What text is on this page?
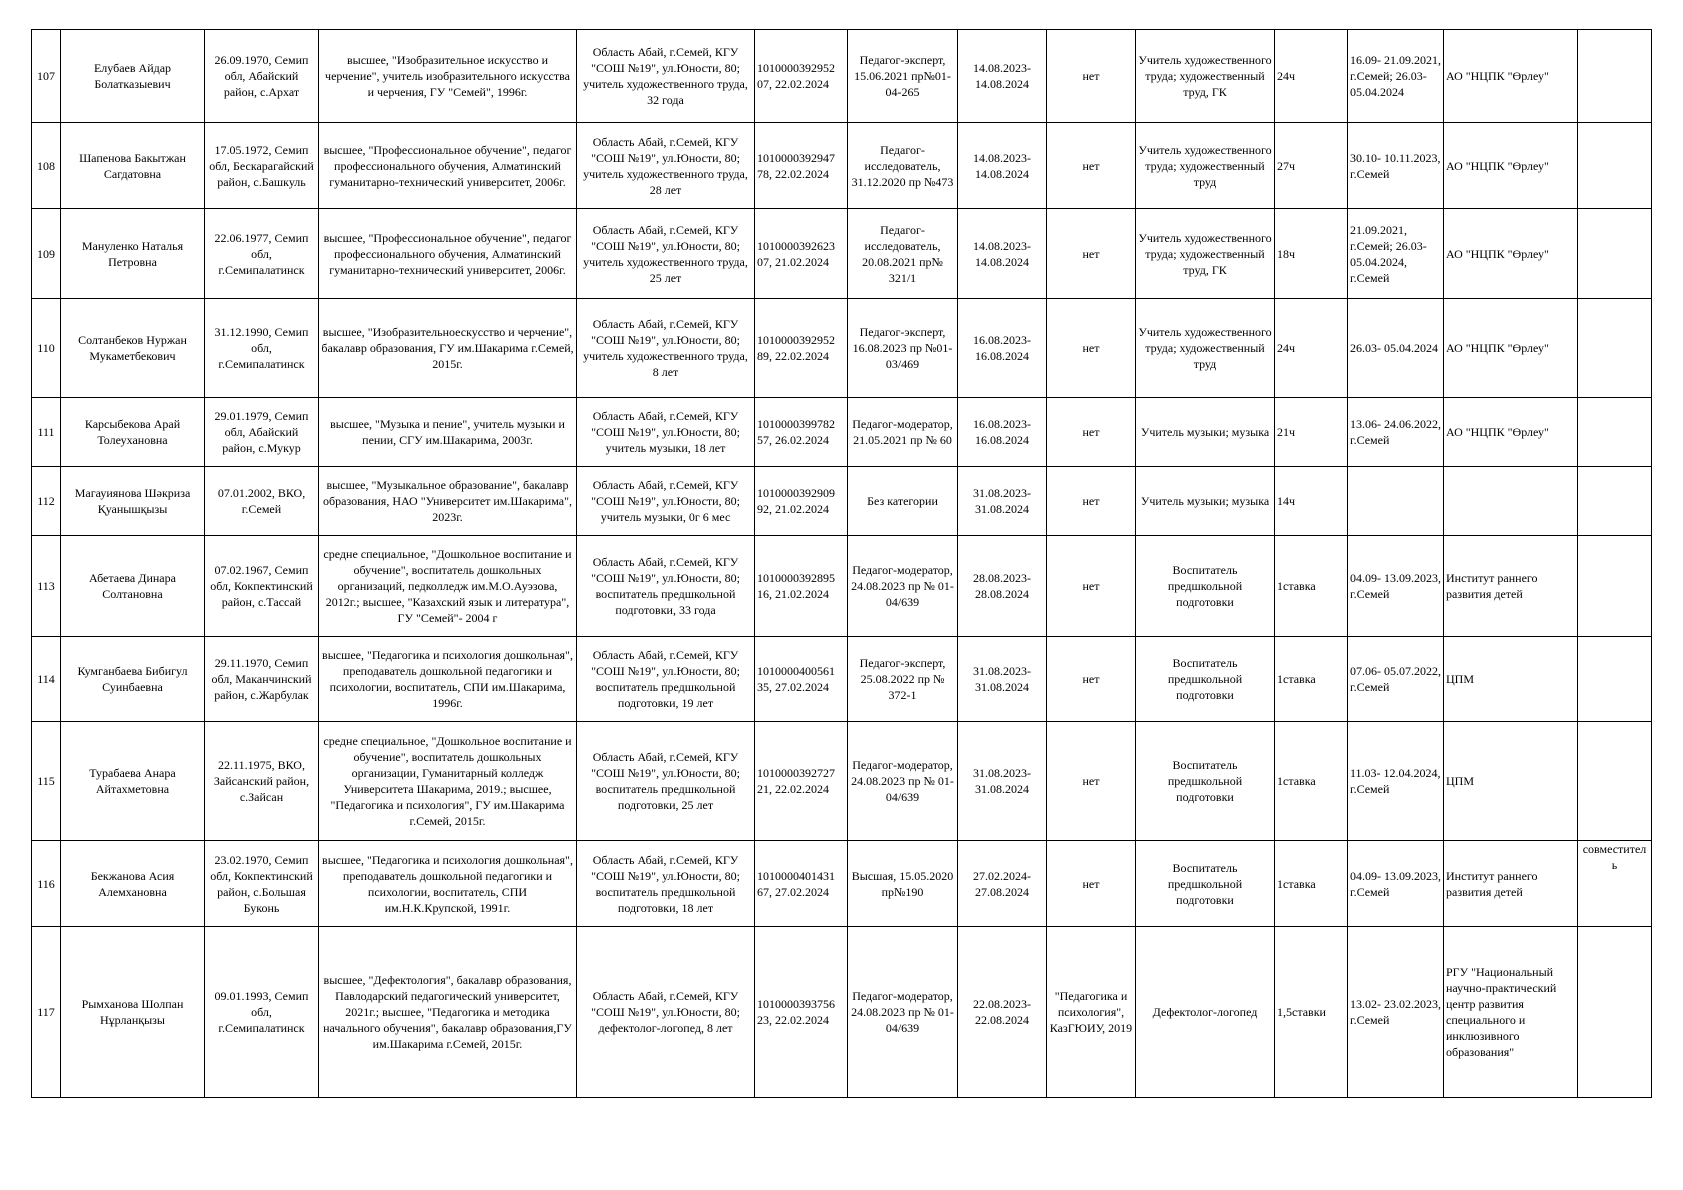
107	Елубаев Айдар Болатказыевич	26.09.1970, Семип обл, Абайский район, с.Архат	высшее, "Изобразительное искусство и черчение", учитель изобразительного искусства и черчения, ГУ "Семей", 1996г.	Область Абай, г.Семей, КГУ "СОШ №19", ул.Юности, 80; учитель художественного труда, 32 года	1010000392952 07, 22.02.2024	Педагог-эксперт, 15.06.2021 пр№01-04-265	14.08.2023- 14.08.2024	нет	Учитель художественного труда; художественный труд, ГК	24ч	16.09- 21.09.2021, г.Семей; 26.03- 05.04.2024	АО "НЦПК "Өрлеу"	
108	Шапенова Бакытжан Сагдатовна	17.05.1972, Семип обл, Бескарагайский район, с.Башкуль	высшее, "Профессиональное обучение", педагог профессионального обучения, Алматинский гуманитарно-технический университет, 2006г.	Область Абай, г.Семей, КГУ "СОШ №19", ул.Юности, 80; учитель художественного труда, 28 лет	1010000392947 78, 22.02.2024	Педагог-исследователь, 31.12.2020 пр №473	14.08.2023- 14.08.2024	нет	Учитель художественного труда; художественный труд	27ч	30.10- 10.11.2023, г.Семей	АО "НЦПК "Өрлеу"	
109	Мануленко Наталья Петровна	22.06.1977, Семип обл, г.Семипалатинск	высшее, "Профессиональное обучение", педагог профессионального обучения, Алматинский гуманитарно-технический университет, 2006г.	Область Абай, г.Семей, КГУ "СОШ №19", ул.Юности, 80; учитель художественного труда, 25 лет	1010000392623 07, 21.02.2024	Педагог-исследователь, 20.08.2021 пр№ 321/1	14.08.2023- 14.08.2024	нет	Учитель художественного труда; художественный труд, ГК	18ч	21.09.2021, г.Семей; 26.03- 05.04.2024, г.Семей	АО "НЦПК "Өрлеу"	
110	Солтанбеков Нуржан Мукаметбекович	31.12.1990, Семип обл, г.Семипалатинск	высшее, "Изобразительноескусство и черчение", бакалавр образования, ГУ им.Шакарима г.Семей, 2015г.	Область Абай, г.Семей, КГУ "СОШ №19", ул.Юности, 80; учитель художественного труда, 8 лет	1010000392952 89, 22.02.2024	Педагог-эксперт, 16.08.2023 пр №01-03/469	16.08.2023- 16.08.2024	нет	Учитель художественного труда; художественный труд	24ч	26.03- 05.04.2024	АО "НЦПК "Өрлеу"	
111	Карсыбекова Арай Толеухановна	29.01.1979, Семип обл, Абайский район, с.Мукур	высшее, "Музыка и пение", учитель музыки и пении, СГУ им.Шакарима, 2003г.	Область Абай, г.Семей, КГУ "СОШ №19", ул.Юности, 80; учитель музыки, 18 лет	1010000399782 57, 26.02.2024	Педагог-модератор, 21.05.2021 пр № 60	16.08.2023- 16.08.2024	нет	Учитель музыки; музыка	21ч	13.06- 24.06.2022, г.Семей	АО "НЦПК "Өрлеу"	
112	Магауиянова Шәкриза Қуанышқызы	07.01.2002, ВКО, г.Семей	высшее, "Музыкальное образование", бакалавр образования, НАО "Университет им.Шакарима", 2023г.	Область Абай, г.Семей, КГУ "СОШ №19", ул.Юности, 80; учитель музыки, 0г 6 мес	1010000392909 92, 21.02.2024	Без категории	31.08.2023- 31.08.2024	нет	Учитель музыки; музыка	14ч			
113	Абетаева Динара Солтановна	07.02.1967, Семип обл, Кокпектинский район, с.Тассай	средне специальное, "Дошкольное воспитание и обучение", воспитатель дошкольных организаций, педколледж им.М.О.Ауэзова, 2012г.; высшее, "Казахский язык и литература", ГУ "Семей"- 2004 г	Область Абай, г.Семей, КГУ "СОШ №19", ул.Юности, 80; воспитатель предшкольной подготовки, 33 года	1010000392895 16, 21.02.2024	Педагог-модератор, 24.08.2023 пр № 01-04/639	28.08.2023- 28.08.2024	нет	Воспитатель предшкольной подготовки	1ставка	04.09- 13.09.2023, г.Семей	Институт раннего развития детей	
114	Кумганбаева Бибигул Суинбаевна	29.11.1970, Семип обл, Маканчинский район, с.Жарбулак	высшее, "Педагогика и психология дошкольная", преподаватель дошкольной педагогики и психологии, воспитатель, СПИ им.Шакарима, 1996г.	Область Абай, г.Семей, КГУ "СОШ №19", ул.Юности, 80; воспитатель предшкольной подготовки, 19 лет	1010000400561 35, 27.02.2024	Педагог-эксперт, 25.08.2022 пр № 372-1	31.08.2023- 31.08.2024	нет	Воспитатель предшкольной подготовки	1ставка	07.06- 05.07.2022, г.Семей	ЦПМ	
115	Турабаева Анара Айтахметовна	22.11.1975, ВКО, Зайсанский район, с.Зайсан	средне специальное, "Дошкольное воспитание и обучение", воспитатель дошкольных организации, Гуманитарный колледж Университета Шакарима, 2019.; высшее, "Педагогика и психология", ГУ им.Шакарима г.Семей, 2015г.	Область Абай, г.Семей, КГУ "СОШ №19", ул.Юности, 80; воспитатель предшкольной подготовки, 25 лет	1010000392727 21, 22.02.2024	Педагог-модератор, 24.08.2023 пр № 01-04/639	31.08.2023- 31.08.2024	нет	Воспитатель предшкольной подготовки	1ставка	11.03- 12.04.2024, г.Семей	ЦПМ	
116	Бекжанова Асия Алемхановна	23.02.1970, Семип обл, Кокпектинский район, с.Большая Буконь	высшее, "Педагогика и психология дошкольная", преподаватель дошкольной педагогики и психологии, воспитатель, СПИ им.Н.К.Крупской, 1991г.	Область Абай, г.Семей, КГУ "СОШ №19", ул.Юности, 80; воспитатель предшкольной подготовки, 18 лет	1010000401431 67, 27.02.2024	Высшая, 15.05.2020 пр№190	27.02.2024- 27.08.2024	нет	Воспитатель предшкольной подготовки	1ставка	04.09- 13.09.2023, г.Семей	Институт раннего развития детей	совместитель
117	Рымханова Шолпан Нұрланқызы	09.01.1993, Семип обл, г.Семипалатинск	высшее, "Дефектология", бакалавр образования, Павлодарский педагогический университет, 2021г.; высшее, "Педагогика и методика начального обучения", бакалавр образования,ГУ им.Шакарима г.Семей, 2015г.	Область Абай, г.Семей, КГУ "СОШ №19", ул.Юности, 80; дефектолог-логопед, 8 лет	1010000393756 23, 22.02.2024	Педагог-модератор, 24.08.2023 пр № 01-04/639	22.08.2023- 22.08.2024	"Педагогика и психология", КазГЮИУ, 2019	Дефектолог-логопед	1,5ставки	13.02- 23.02.2023, г.Семей	РГУ "Национальный научно-практический центр развития специального и инклюзивного образования"	
